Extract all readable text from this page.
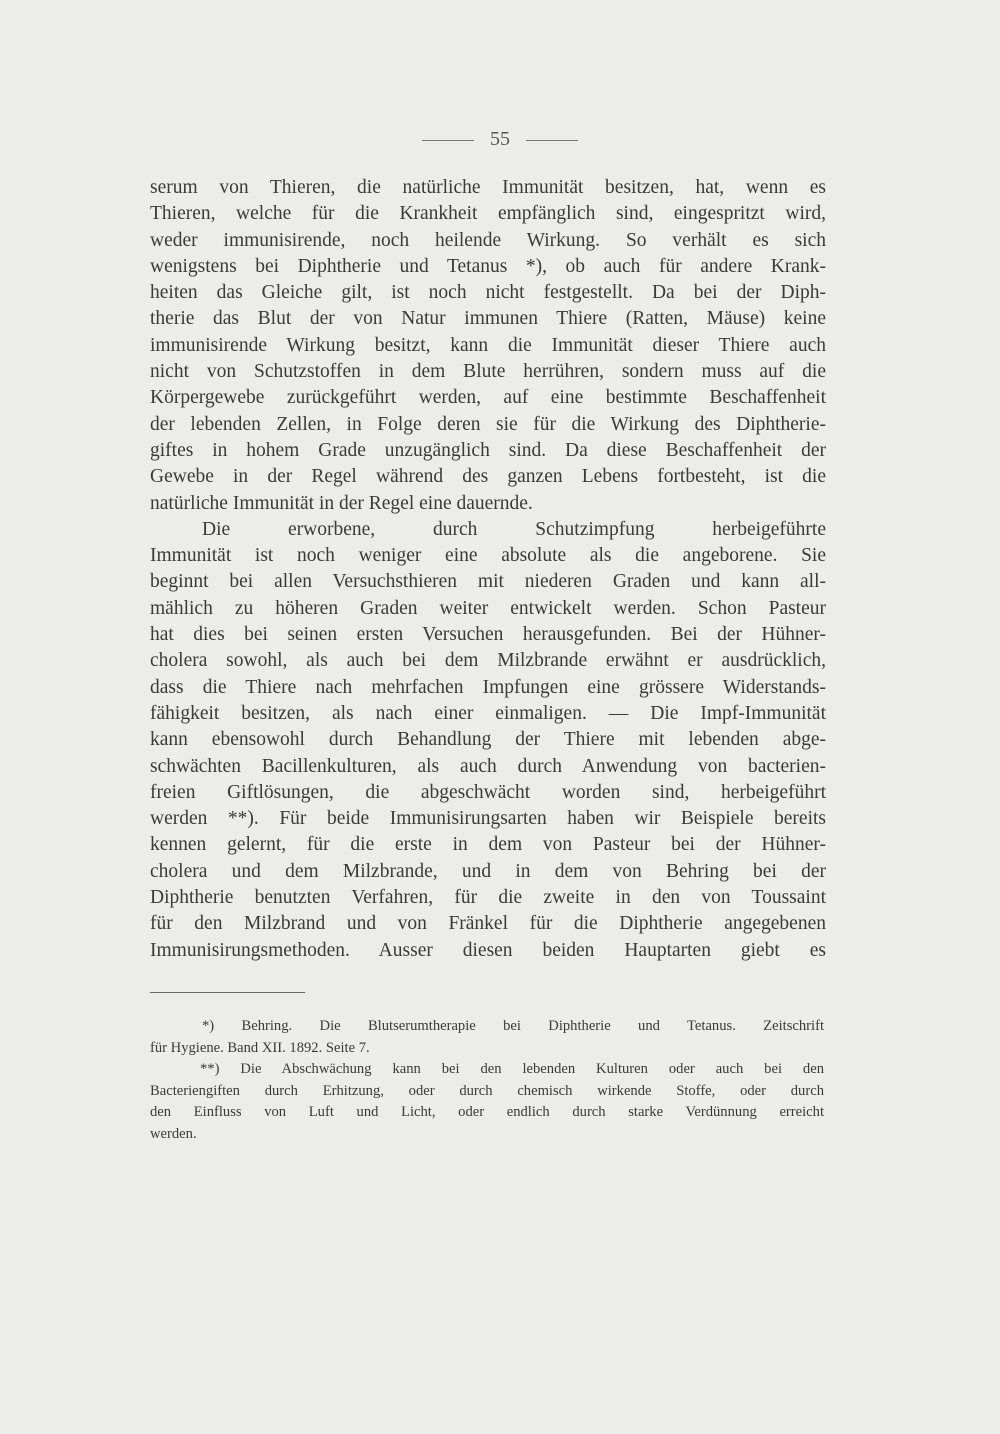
55
serum von Thieren, die natürliche Immunität besitzen, hat, wenn es
Thieren, welche für die Krankheit empfänglich sind, eingespritzt wird,
weder immunisirende, noch heilende Wirkung. So verhält es sich
wenigstens bei Diphtherie und Tetanus *), ob auch für andere Krank-
heiten das Gleiche gilt, ist noch nicht festgestellt. Da bei der Diph-
therie das Blut der von Natur immunen Thiere (Ratten, Mäuse) keine
immunisirende Wirkung besitzt, kann die Immunität dieser Thiere auch
nicht von Schutzstoffen in dem Blute herrühren, sondern muss auf die
Körpergewebe zurückgeführt werden, auf eine bestimmte Beschaffenheit
der lebenden Zellen, in Folge deren sie für die Wirkung des Diphtherie-
giftes in hohem Grade unzugänglich sind. Da diese Beschaffenheit der
Gewebe in der Regel während des ganzen Lebens fortbesteht, ist die
natürliche Immunität in der Regel eine dauernde.
Die erworbene, durch Schutzimpfung herbeigeführte
Immunität ist noch weniger eine absolute als die angeborene. Sie
beginnt bei allen Versuchsthieren mit niederen Graden und kann all-
mählich zu höheren Graden weiter entwickelt werden. Schon Pasteur
hat dies bei seinen ersten Versuchen herausgefunden. Bei der Hühner-
cholera sowohl, als auch bei dem Milzbrande erwähnt er ausdrücklich,
dass die Thiere nach mehrfachen Impfungen eine grössere Widerstands-
fähigkeit besitzen, als nach einer einmaligen. — Die Impf-Immunität
kann ebensowohl durch Behandlung der Thiere mit lebenden abge-
schwächten Bacillenkulturen, als auch durch Anwendung von bacterien-
freien Giftlösungen, die abgeschwächt worden sind, herbeigeführt
werden **). Für beide Immunisirungsarten haben wir Beispiele bereits
kennen gelernt, für die erste in dem von Pasteur bei der Hühner-
cholera und dem Milzbrande, und in dem von Behring bei der
Diphtherie benutzten Verfahren, für die zweite in den von Toussaint
für den Milzbrand und von Fränkel für die Diphtherie angegebenen
Immunisirungsmethoden. Ausser diesen beiden Hauptarten giebt es
*) Behring. Die Blutserumtherapie bei Diphtherie und Tetanus. Zeitschrift
für Hygiene. Band XII. 1892. Seite 7.
**) Die Abschwächung kann bei den lebenden Kulturen oder auch bei den
Bacteriengiften durch Erhitzung, oder durch chemisch wirkende Stoffe, oder durch
den Einfluss von Luft und Licht, oder endlich durch starke Verdünnung erreicht
werden.
